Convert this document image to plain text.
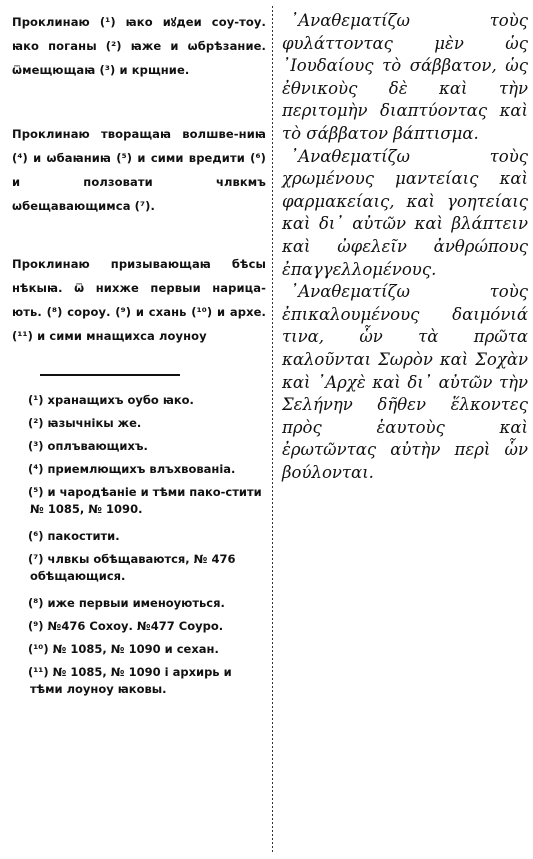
Проклинаю (¹) ꙗко иꙋдеи соу-тоу. ꙗко поганы (²) ꙗже и ѡбрѣзание. ѿмещющаꙗ (³) и крщние.

Проклинаю творащаꙗ волшве-ниꙗ (⁴) и ѡбаꙗниꙗ (⁵) и сими вредити (⁶) и ползовати члвкмъ ѡбещавающимса (⁷).

Проклинаю призывающаꙗ бѣсы нѣкыꙗ. ѿ нихже первыи нарица-ють. (⁸) сороу. (⁹) и схань (¹⁰) и архе. (¹¹) и сими мнащихса лоуноу

(¹) хранащихъ оубо ꙗко.

(²) ꙗзычнікы же.

(³) оплъвающихъ.

(⁴) приемлющихъ влъхвованіа.

(⁵) и чародѣаніе и тѣми пако-стити № 1085, № 1090.

(⁶) пакостити.

(⁷) члвкы обѣщаваются, № 476 обѣщающися.

(⁸) иже первыи именоуються.

(⁹) №476 Сохоу. №477 Соуро.

(¹⁰) № 1085, № 1090 и сехан.

(¹¹) № 1085, № 1090 і архирь и тѣми лоуноу ꙗковы.

᾽Αναθεματίζω τοὺς φυλάττοντας μὲν ὡς ᾽Ιουδαίους τὸ σάββατον, ὡς ἐθνικοὺς δὲ καὶ τὴν περιτομὴν διαπτύοντας καὶ τὸ σάββατον βάπτισμα.

᾽Αναθεματίζω τοὺς χρωμένους μαντείαις καὶ φαρμακείαις, καὶ γοητείαις καὶ δι᾽ αὐτῶν καὶ βλάπτειν καὶ ὠφελεῖν ἀνθρώπους ἐπαγγελλομένους.

᾽Αναθεματίζω τοὺς ἐπικαλουμένους δαιμόνιά τινα, ὧν τὰ πρῶτα καλοῦνται Σωρὸν καὶ Σοχὰν καὶ ᾽Αρχὲ καὶ δι᾽ αὐτῶν τὴν Σελήνην δῆθεν ἕλκοντες πρὸς ἑαυτοὺς καὶ ἐρωτῶντας αὐτὴν περὶ ὧν βούλονται.
